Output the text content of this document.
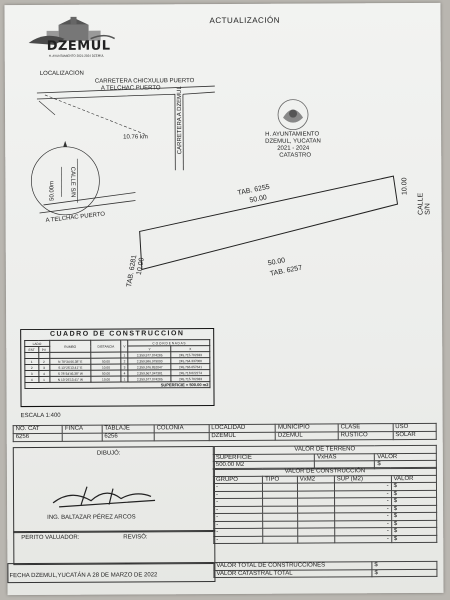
DZEMUL
H. AYUNTAMIENTO 2021-2024 DZEMUL
ACTUALIZACIÓN
LOCALIZACION
CARRETERA CHICXULUB PUERTO
A TELCHAC PUERTO	CARRETERA A DZEMUL
10.76 km
50.00m CALLE S/N
A TELCHAC PUERTO
H. AYUNTAMIENTO
DZEMUL, YUCATAN
2021 - 2024
CATASTRO
TAB. 6255
50.00
10.00
CALLE S/N
50.00
TAB. 6257
TAB. 6281
10.00
CUADRO DE CONSTRUCCION
LADO		RUMBO	DISTANCIA	V	C O O R D E N A D A S	
EST	PV				Y	X
				1	2,359,577.074285	245,715.702333
1	2	N 78°34'46.38" E	50.00	2	2,359,586.979000	245,764.337000
2	3	S 13°25'13.41" E	10.00	3	2,359,576.852047	245,766.657641
3	4	S 78°34'46.38" W	50.00	4	2,359,567.347381	245,718.022274
4	1	N 13°25'13.41" W	10.00	1	2,359,577.074285	245,715.702333
SUPERFICIE = 500.00 m2						
ESCALA 1:400
NO. CAT	FINCA	TABLAJE	COLONIA	LOCALIDAD	MUNICIPIO	CLASE	USO
6256		6256		DZEMUL	DZEMUL	RUSTICO	SOLAR
DIBUJÓ:
ING. BALTAZAR PÉREZ ARCOS
VALOR DE TERRENO		
SUPERFICIE	VxHAS	VALOR
500.00 M2		$
VALOR DE CONSTRUCCIÓN				
GRUPO	TIPO	VxM2	SUP (M2)	VALOR
-			-	$
-			-	$
-			-	$
-			-	$
-			-	$
-			-	$
-			-	$
-			-	$
PERITO VALUADOR:	REVISÓ:
FECHA DZEMUL,YUCATÁN A 28 DE MARZO DE 2022
VALOR TOTAL DE CONSTRUCCIONES	$
VALOR CATASTRAL TOTAL	$
